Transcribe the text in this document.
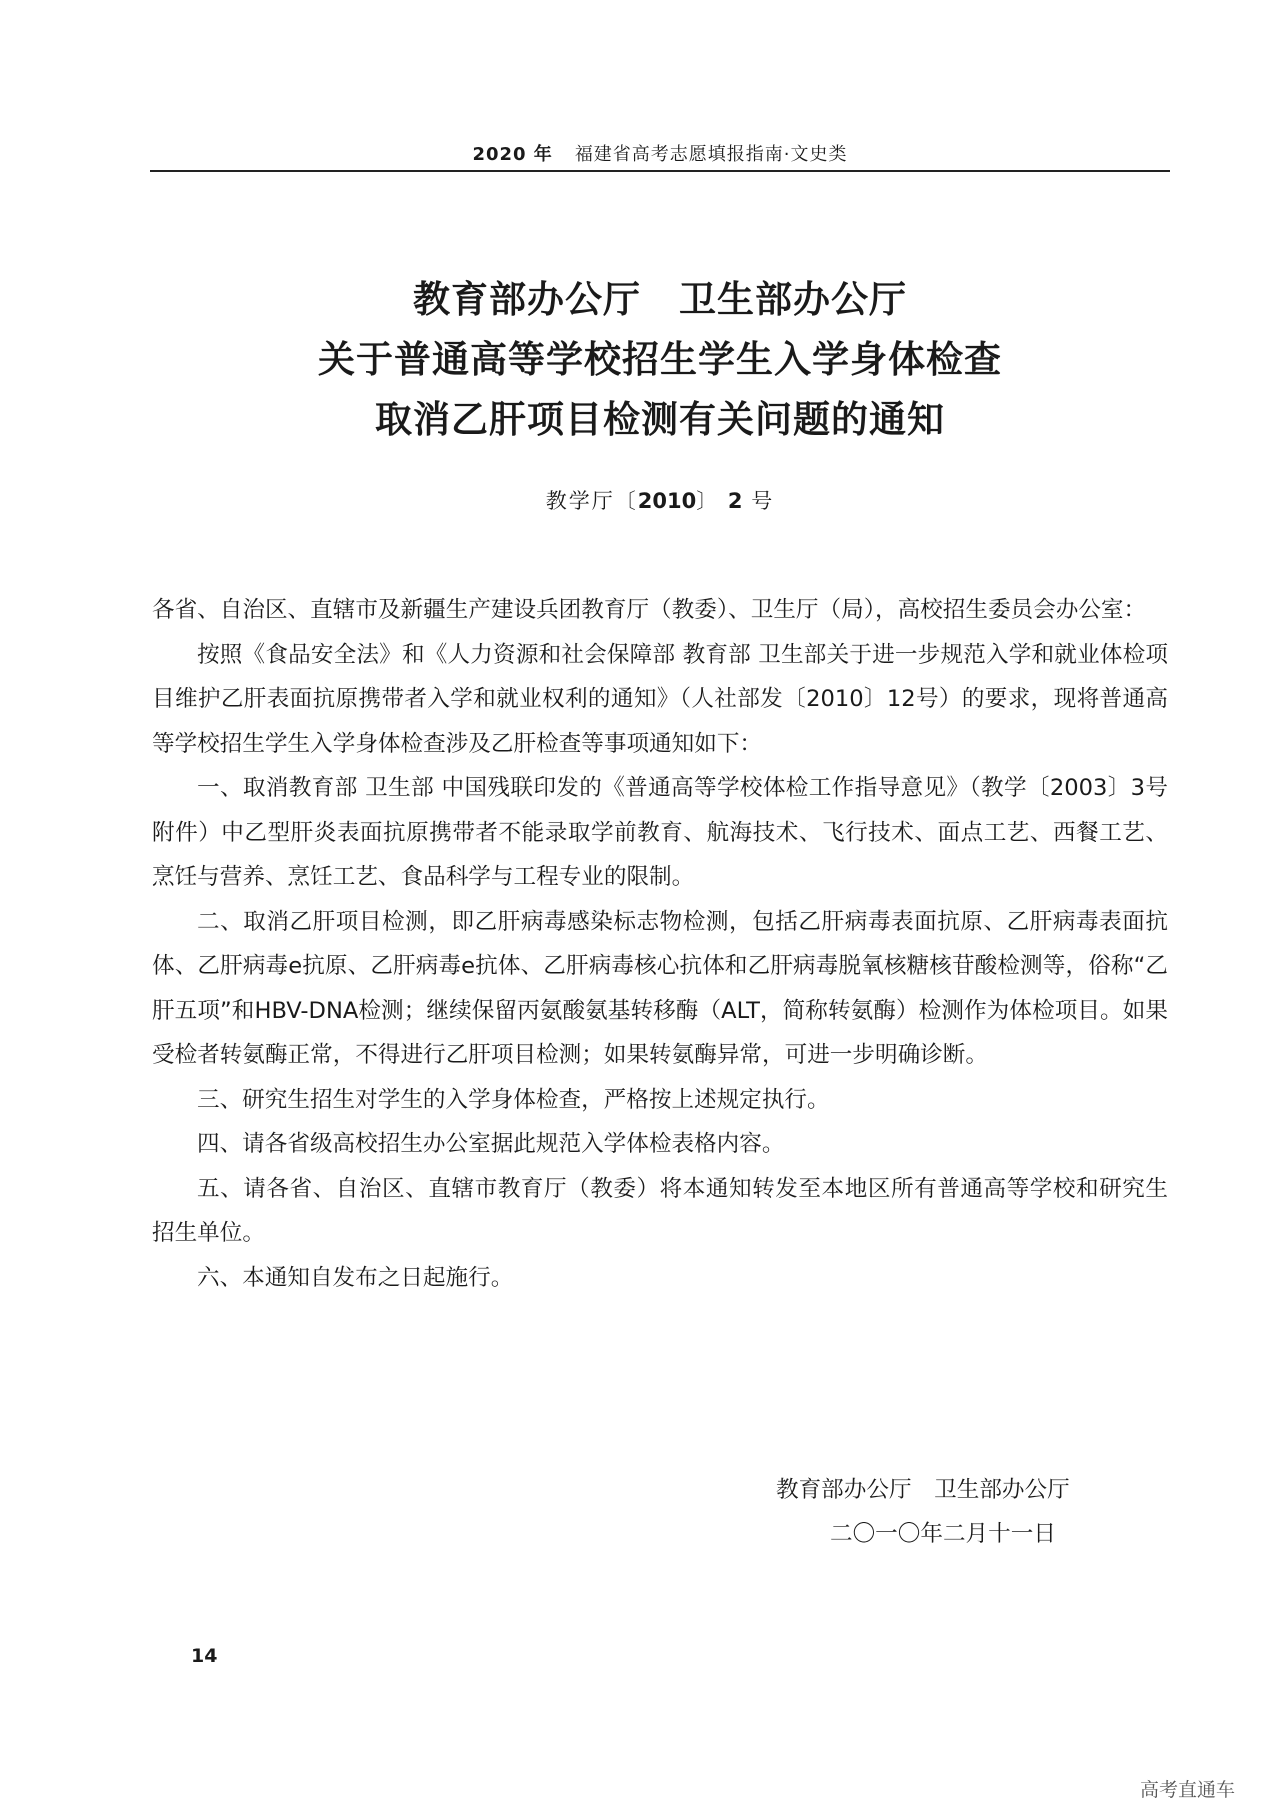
2020 年 福建省高考志愿填报指南·文史类
教育部办公厅　卫生部办公厅
关于普通高等学校招生学生入学身体检查
取消乙肝项目检测有关问题的通知
教学厅〔2010〕 2 号

各省、自治区、直辖市及新疆生产建设兵团教育厅（教委）、卫生厅（局），高校招生委员会办公室：

按照《食品安全法》和《人力资源和社会保障部 教育部 卫生部关于进一步规范入学和就业体检项目维护乙肝表面抗原携带者入学和就业权利的通知》（人社部发〔2010〕12号）的要求，现将普通高等学校招生学生入学身体检查涉及乙肝检查等事项通知如下：

一、取消教育部 卫生部 中国残联印发的《普通高等学校体检工作指导意见》（教学〔2003〕3号附件）中乙型肝炎表面抗原携带者不能录取学前教育、航海技术、飞行技术、面点工艺、西餐工艺、烹饪与营养、烹饪工艺、食品科学与工程专业的限制。

二、取消乙肝项目检测，即乙肝病毒感染标志物检测，包括乙肝病毒表面抗原、乙肝病毒表面抗体、乙肝病毒e抗原、乙肝病毒e抗体、乙肝病毒核心抗体和乙肝病毒脱氧核糖核苷酸检测等，俗称“乙肝五项”和HBV-DNA检测；继续保留丙氨酸氨基转移酶（ALT，简称转氨酶）检测作为体检项目。如果受检者转氨酶正常，不得进行乙肝项目检测；如果转氨酶异常，可进一步明确诊断。

三、研究生招生对学生的入学身体检查，严格按上述规定执行。

四、请各省级高校招生办公室据此规范入学体检表格内容。

五、请各省、自治区、直辖市教育厅（教委）将本通知转发至本地区所有普通高等学校和研究生招生单位。

六、本通知自发布之日起施行。

教育部办公厅　卫生部办公厅
二〇一〇年二月十一日
14
高考直通车
